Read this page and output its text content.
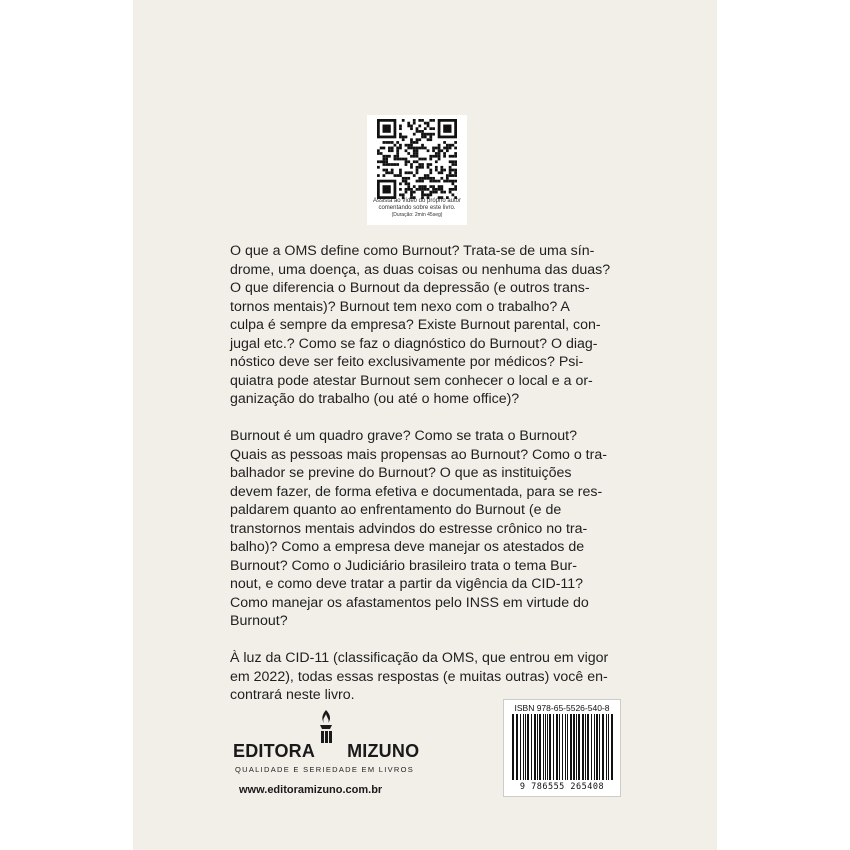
Assista ao vídeo do próprio autor
comentando sobre este livro.
(Duração: 2min 45seg)

O que a OMS define como Burnout? Trata-se de uma sín-
drome, uma doença, as duas coisas ou nenhuma das duas?
O que diferencia o Burnout da depressão (e outros trans-
tornos mentais)? Burnout tem nexo com o trabalho? A
culpa é sempre da empresa? Existe Burnout parental, con-
jugal etc.? Como se faz o diagnóstico do Burnout? O diag-
nóstico deve ser feito exclusivamente por médicos? Psi-
quiatra pode atestar Burnout sem conhecer o local e a or-
ganização do trabalho (ou até o home office)?

Burnout é um quadro grave? Como se trata o Burnout?
Quais as pessoas mais propensas ao Burnout? Como o tra-
balhador se previne do Burnout? O que as instituições
devem fazer, de forma efetiva e documentada, para se res-
paldarem quanto ao enfrentamento do Burnout (e de
transtornos mentais advindos do estresse crônico no tra-
balho)? Como a empresa deve manejar os atestados de
Burnout? Como o Judiciário brasileiro trata o tema Bur-
nout, e como deve tratar a partir da vigência da CID-11?
Como manejar os afastamentos pelo INSS em virtude do
Burnout?

À luz da CID-11 (classificação da OMS, que entrou em vigor
em 2022), todas essas respostas (e muitas outras) você en-
contrará neste livro.

EDITORA MIZUNO
QUALIDADE E SERIEDADE EM LIVROS
www.editoramizuno.com.br
ISBN 978-65-5526-540-8
9 786555 265408
